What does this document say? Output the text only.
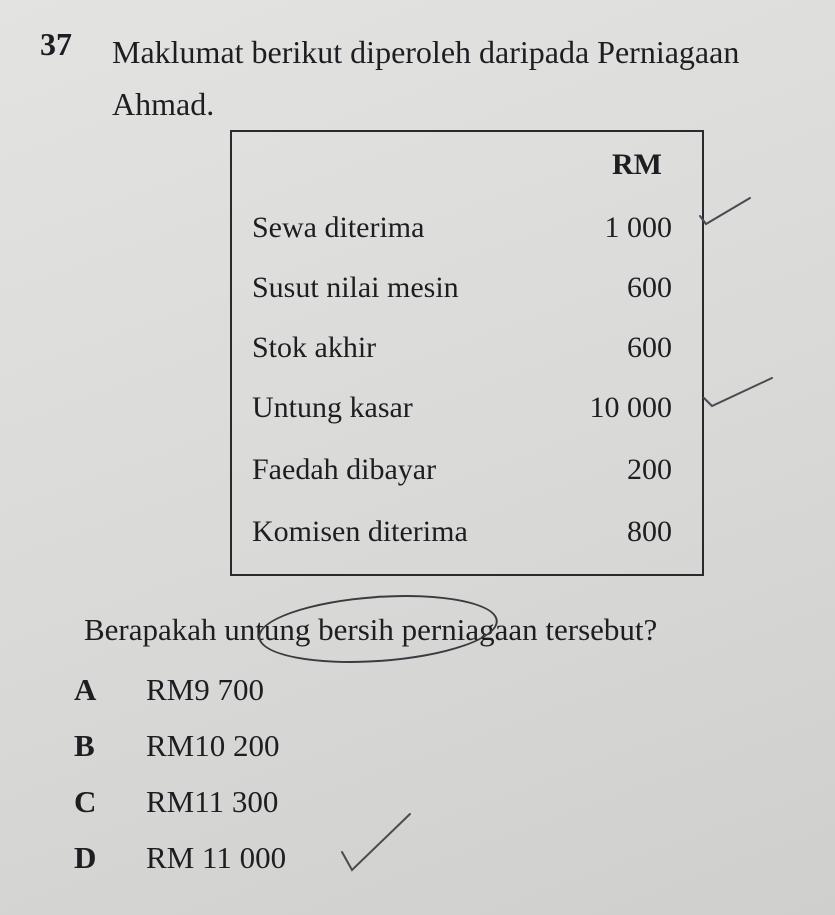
37 Maklumat berikut diperoleh daripada Perniagaan Ahmad.
RM
Sewa diterima	1 000
Susut nilai mesin	600
Stok akhir	600
Untung kasar	10 000
Faedah dibayar	200
Komisen diterima	800
Berapakah untung bersih perniagaan tersebut?
A	RM9 700
B	RM10 200
C	RM11 300
D	RM 11 000
